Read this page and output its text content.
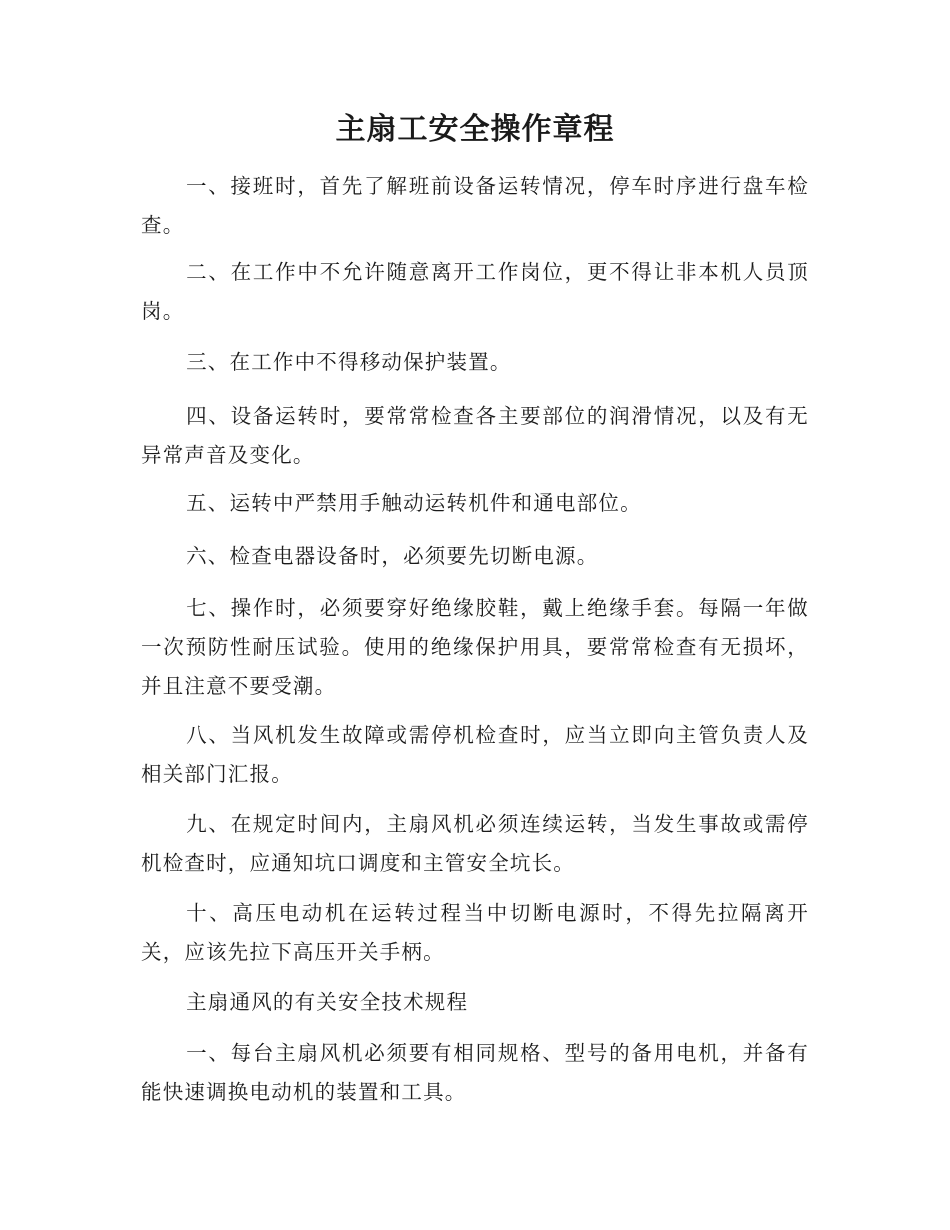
主扇工安全操作章程

一、接班时，首先了解班前设备运转情况，停车时序进行盘车检查。

二、在工作中不允许随意离开工作岗位，更不得让非本机人员顶岗。

三、在工作中不得移动保护装置。

四、设备运转时，要常常检查各主要部位的润滑情况，以及有无异常声音及变化。

五、运转中严禁用手触动运转机件和通电部位。

六、检查电器设备时，必须要先切断电源。

七、操作时，必须要穿好绝缘胶鞋，戴上绝缘手套。每隔一年做一次预防性耐压试验。使用的绝缘保护用具，要常常检查有无损坏，并且注意不要受潮。

八、当风机发生故障或需停机检查时，应当立即向主管负责人及相关部门汇报。

九、在规定时间内，主扇风机必须连续运转，当发生事故或需停机检查时，应通知坑口调度和主管安全坑长。

十、高压电动机在运转过程当中切断电源时，不得先拉隔离开关，应该先拉下高压开关手柄。

主扇通风的有关安全技术规程

一、每台主扇风机必须要有相同规格、型号的备用电机，并备有能快速调换电动机的装置和工具。
